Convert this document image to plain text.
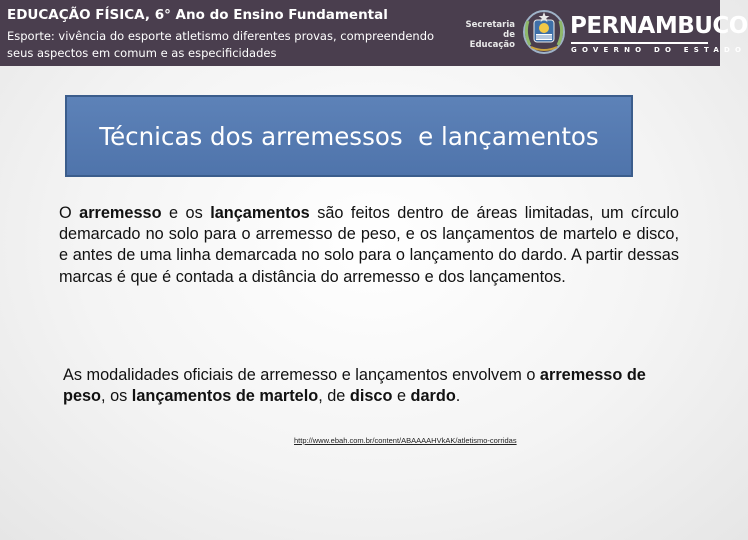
EDUCAÇÃO FÍSICA, 6° Ano do Ensino Fundamental
Esporte: vivência do esporte atletismo diferentes provas, compreendendo seus aspectos em comum e as especificidades
Secretaria de
Educação
PERNAMBUCO
GOVERNO DO ESTADO
Técnicas dos arremessos  e lançamentos
O arremesso e os lançamentos são feitos dentro de áreas limitadas, um círculo demarcado no solo para o arremesso de peso, e os lançamentos de martelo e disco, e antes de uma linha demarcada no solo para o lançamento do dardo. A partir dessas marcas é que é contada a distância do arremesso e dos lançamentos.
As modalidades oficiais de arremesso e lançamentos envolvem o arremesso de peso, os lançamentos de martelo, de disco e dardo.
http://www.ebah.com.br/content/ABAAAAHVkAK/atletismo-corridas
